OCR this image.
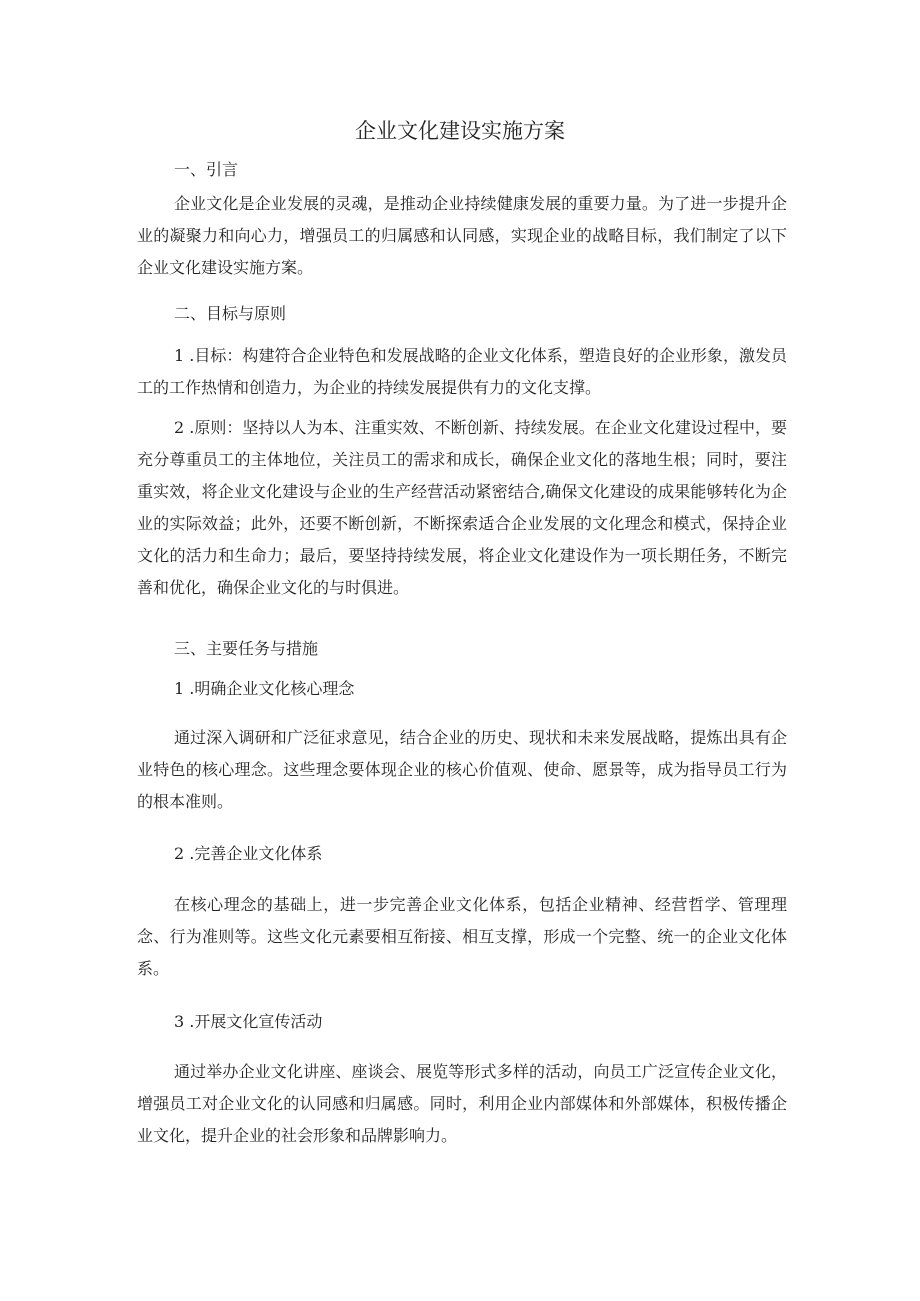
企业文化建设实施方案
一、引言

企业文化是企业发展的灵魂，是推动企业持续健康发展的重要力量。为了进一步提升企业的凝聚力和向心力，增强员工的归属感和认同感，实现企业的战略目标，我们制定了以下企业文化建设实施方案。

二、目标与原则

1 .目标：构建符合企业特色和发展战略的企业文化体系，塑造良好的企业形象，激发员工的工作热情和创造力，为企业的持续发展提供有力的文化支撑。

2 .原则：坚持以人为本、注重实效、不断创新、持续发展。在企业文化建设过程中，要充分尊重员工的主体地位，关注员工的需求和成长，确保企业文化的落地生根；同时，要注重实效，将企业文化建设与企业的生产经营活动紧密结合,确保文化建设的成果能够转化为企业的实际效益；此外，还要不断创新，不断探索适合企业发展的文化理念和模式，保持企业文化的活力和生命力；最后，要坚持持续发展，将企业文化建设作为一项长期任务，不断完善和优化，确保企业文化的与时俱进。

三、主要任务与措施
1 .明确企业文化核心理念

通过深入调研和广泛征求意见，结合企业的历史、现状和未来发展战略，提炼出具有企业特色的核心理念。这些理念要体现企业的核心价值观、使命、愿景等，成为指导员工行为的根本准则。

2 .完善企业文化体系

在核心理念的基础上，进一步完善企业文化体系，包括企业精神、经营哲学、管理理念、行为准则等。这些文化元素要相互衔接、相互支撑，形成一个完整、统一的企业文化体系。

3 .开展文化宣传活动

通过举办企业文化讲座、座谈会、展览等形式多样的活动，向员工广泛宣传企业文化，增强员工对企业文化的认同感和归属感。同时，利用企业内部媒体和外部媒体，积极传播企业文化，提升企业的社会形象和品牌影响力。
